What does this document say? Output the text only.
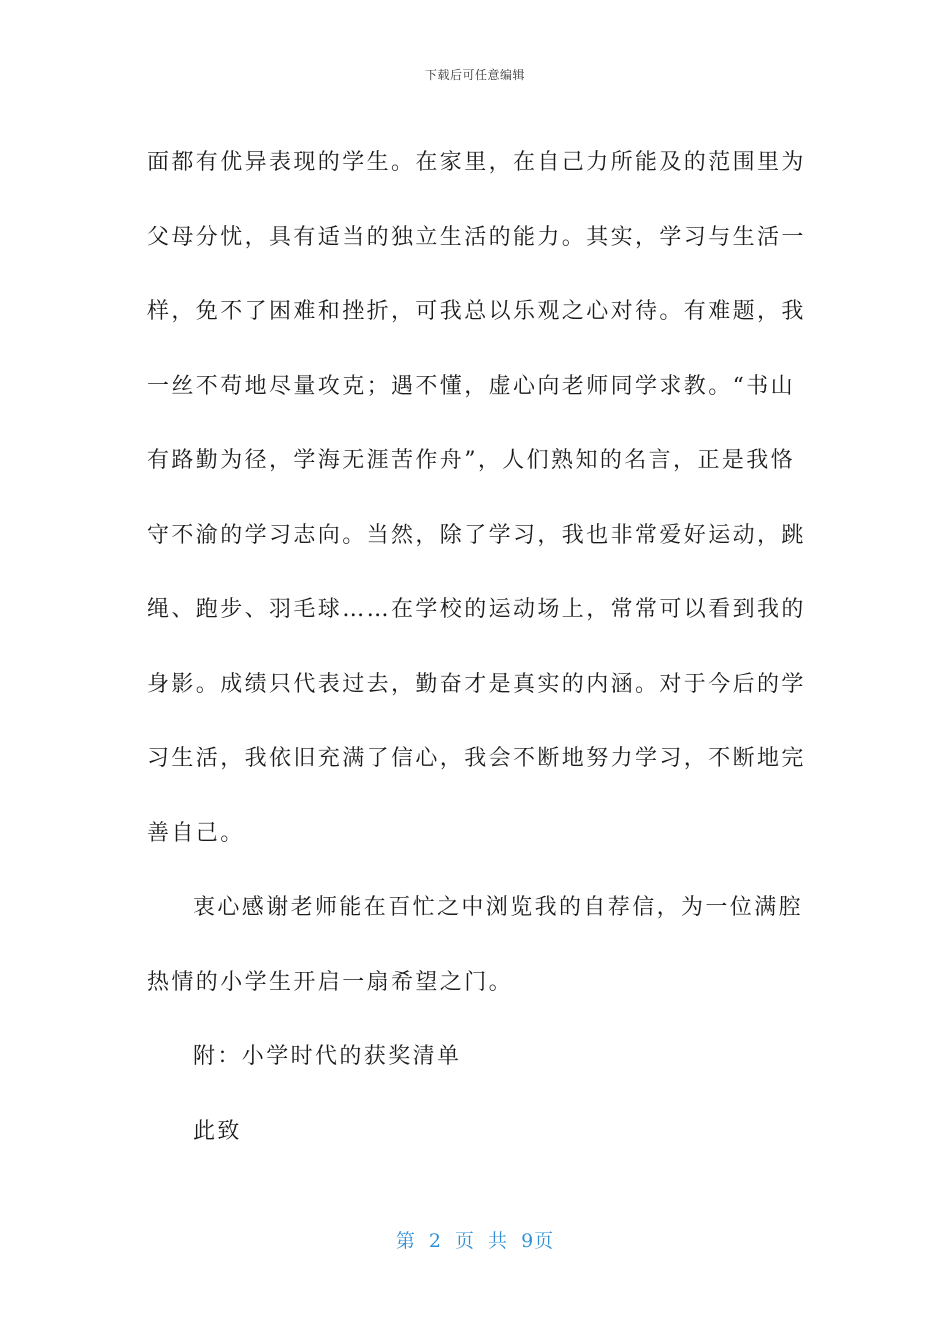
下载后可任意编辑
面都有优异表现的学生。在家里，在自己力所能及的范围里为
父母分忧，具有适当的独立生活的能力。其实，学习与生活一
样，免不了困难和挫折，可我总以乐观之心对待。有难题，我
一丝不苟地尽量攻克；遇不懂，虚心向老师同学求教。“书山
有路勤为径，学海无涯苦作舟”，人们熟知的名言，正是我恪
守不渝的学习志向。当然，除了学习，我也非常爱好运动，跳
绳、跑步、羽毛球……在学校的运动场上，常常可以看到我的
身影。成绩只代表过去，勤奋才是真实的内涵。对于今后的学
习生活，我依旧充满了信心，我会不断地努力学习，不断地完
善自己。
衷心感谢老师能在百忙之中浏览我的自荐信，为一位满腔
热情的小学生开启一扇希望之门。
附：小学时代的获奖清单
此致
第 2 页 共 9页
